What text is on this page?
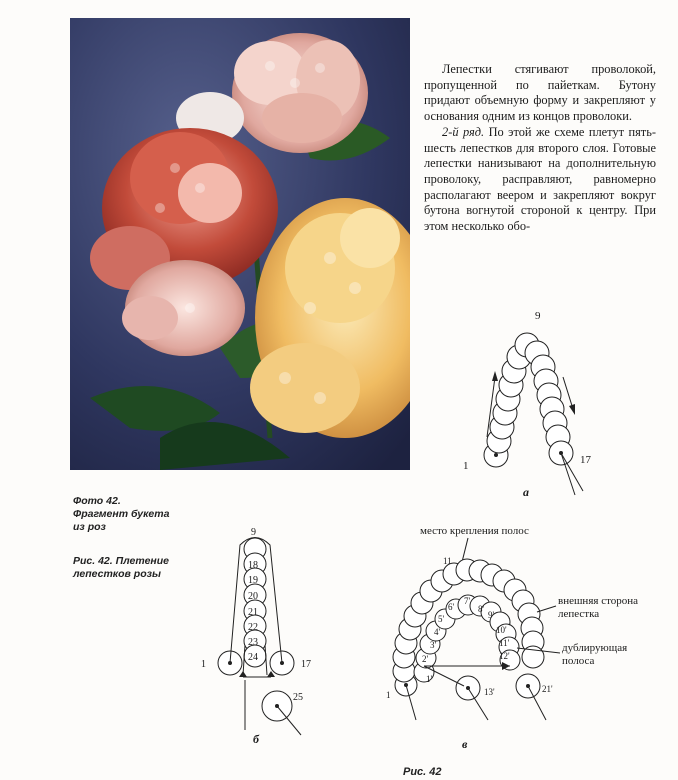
Лепестки стягивают проволокой, пропущенной по пайеткам. Бутону придают объемную форму и закрепляют у основания одним из концов проволоки.

2-й ряд. По этой же схеме плетут пять-шесть лепестков для второго слоя. Готовые лепестки нанизывают на дополнительную проволоку, расправляют, равномерно располагают веером и закрепляют вокруг бутона вогнутой стороной к центру. При этом несколько обо-

Фото 42. Фрагмент букета из роз

Рис. 42. Плетение лепестков розы

9
1	17
а
9
18
19
20
21
22
23
24
1	17
25
б
место крепления полос
внешняя сторона
лепестка
дублирующая
полоса
11
1
1'
2'
3'
4'
5'
6'
7'
8'
9'
10'
11'
12'
13'	21'
в
Рис. 42
